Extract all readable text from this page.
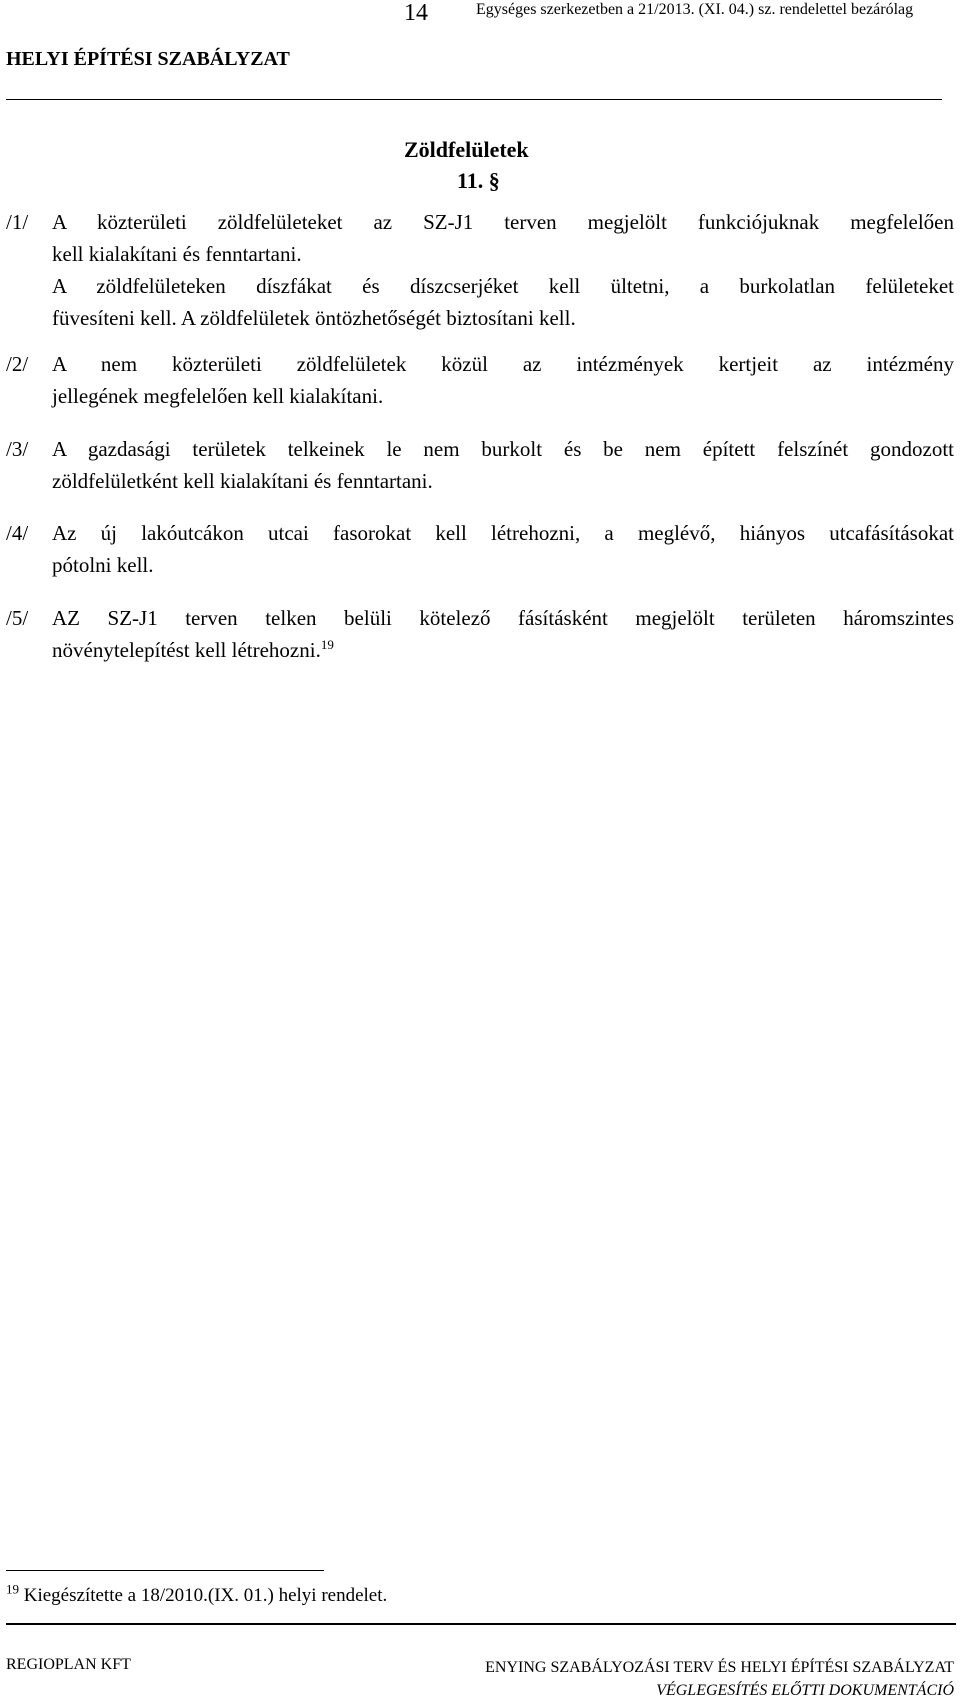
14	Egységes szerkezetben a 21/2013. (XI. 04.) sz. rendelettel bezárólag
HELYI ÉPÍTÉSI SZABÁLYZAT
Zöldfelületek
11. §
/1/ A közterületi zöldfelületeket az SZ-J1 terven megjelölt funkciójuknak megfelelően
kell kialakítani és fenntartani.
A zöldfelületeken díszfákat és díszcserjéket kell ültetni, a burkolatlan felületeket
füvesíteni kell. A zöldfelületek öntözhetőségét biztosítani kell.
/2/ A nem közterületi zöldfelületek közül az intézmények kertjeit az intézmény
jellegének megfelelően kell kialakítani.
/3/ A gazdasági területek telkeinek le nem burkolt és be nem épített felszínét gondozott
zöldfelületként kell kialakítani és fenntartani.
/4/ Az új lakóutcákon utcai fasorokat kell létrehozni, a meglévő, hiányos utcafásításokat
pótolni kell.
/5/ AZ SZ-J1 terven telken belüli kötelező fásításként megjelölt területen háromszintes
növénytelepítést kell létrehozni.$^{19}$
$^{19}$ Kiegészítette a 18/2010.(IX. 01.) helyi rendelet.
REGIOPLAN KFT	ENYING SZABÁLYOZÁSI TERV ÉS HELYI ÉPÍTÉSI SZABÁLYZAT
VÉGLEGESÍTÉS ELŐTTI DOKUMENTÁCIÓ
